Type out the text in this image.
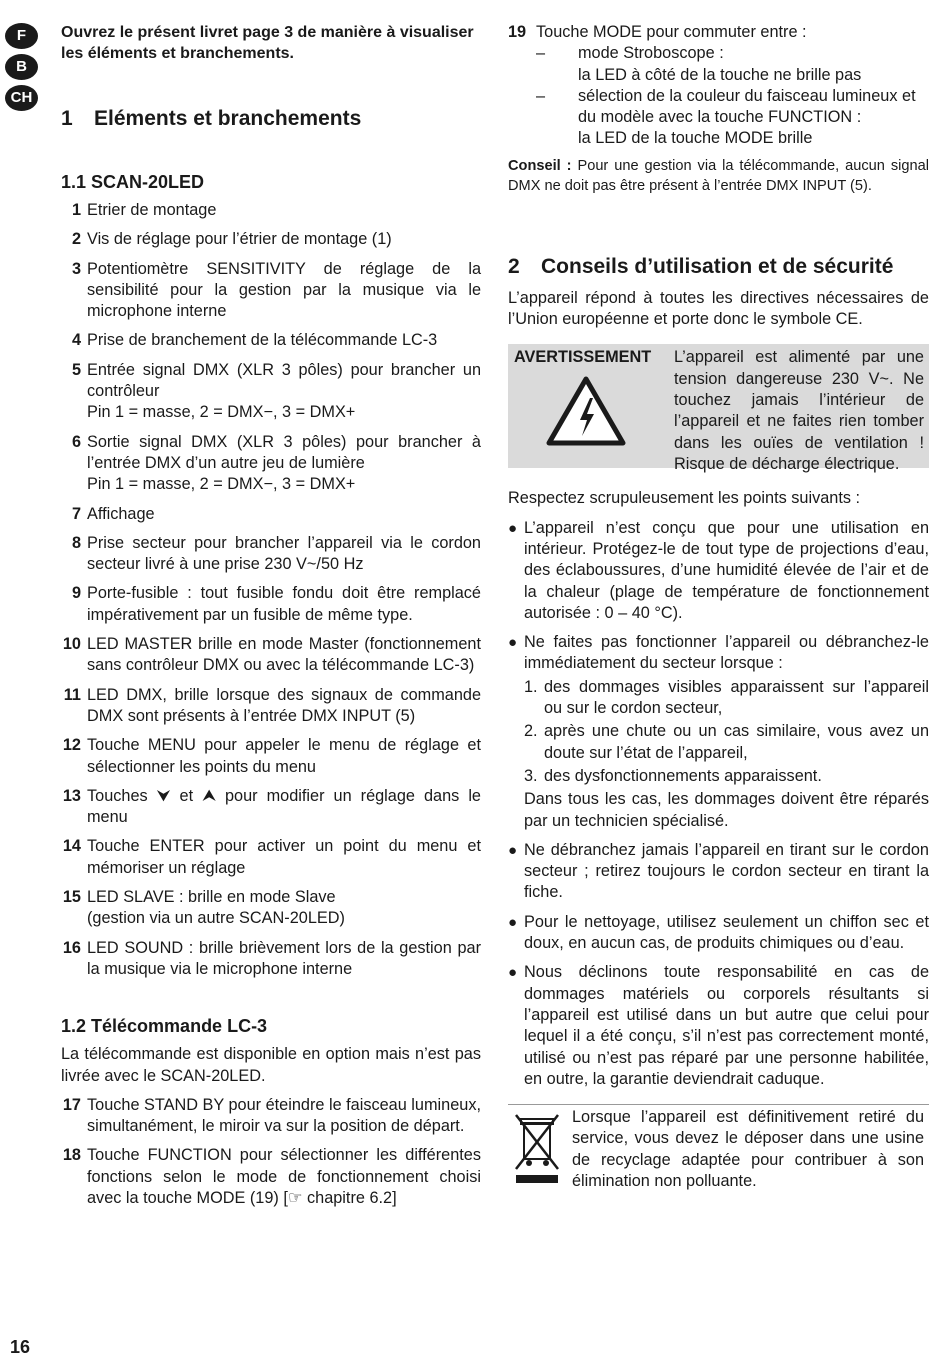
F
B
CH

Ouvrez le présent livret page 3 de manière à visualiser les éléments et branchements.

1 Eléments et branchements
1.1 SCAN-20LED
1 Etrier de montage
2 Vis de réglage pour l’étrier de montage (1)
3 Potentiomètre SENSITIVITY de réglage de la sensibilité pour la gestion par la musique via le microphone interne
4 Prise de branchement de la télécommande LC-3
5 Entrée signal DMX (XLR 3 pôles) pour brancher un contrôleur
Pin 1 = masse, 2 = DMX−, 3 = DMX+
6 Sortie signal DMX (XLR 3 pôles) pour brancher à l’entrée DMX d’un autre jeu de lumière
Pin 1 = masse, 2 = DMX−, 3 = DMX+
7 Affichage
8 Prise secteur pour brancher l’appareil via le cordon secteur livré à une prise 230 V~/50 Hz
9 Porte-fusible : tout fusible fondu doit être remplacé impérativement par un fusible de même type.
10 LED MASTER brille en mode Master (fonctionnement sans contrôleur DMX ou avec la télécommande LC-3)
11 LED DMX, brille lorsque des signaux de commande DMX sont présents à l’entrée DMX INPUT (5)
12 Touche MENU pour appeler le menu de réglage et sélectionner les points du menu
13 Touches ⮟ et ⮝ pour modifier un réglage dans le menu
14 Touche ENTER pour activer un point du menu et mémoriser un réglage
15 LED SLAVE : brille en mode Slave
(gestion via un autre SCAN-20LED)
16 LED SOUND : brille brièvement lors de la gestion par la musique via le microphone interne
1.2 Télécommande LC-3

La télécommande est disponible en option mais n’est pas livrée avec le SCAN-20LED.

17 Touche STAND BY pour éteindre le faisceau lumineux, simultanément, le miroir va sur la position de départ.
18 Touche FUNCTION pour sélectionner les différentes fonctions selon le mode de fonctionnement choisi avec la touche MODE (19) [☞ chapitre 6.2]
19 Touche MODE pour commuter entre :
–	mode Stroboscope :
la LED à côté de la touche ne brille pas
–	sélection de la couleur du faisceau lumineux et du modèle avec la touche FUNCTION :
la LED de la touche MODE brille

Conseil : Pour une gestion via la télécommande, aucun signal DMX ne doit pas être présent à l’entrée DMX INPUT (5).

2 Conseils d’utilisation et de sécurité

L’appareil répond à toutes les directives nécessaires de l’Union européenne et porte donc le symbole CE.

AVERTISSEMENT L’appareil est alimenté par une tension dangereuse 230 V~. Ne touchez jamais l’intérieur de l’appareil et ne faites rien tomber dans les ouïes de ventilation ! Risque de décharge électrique.

Respectez scrupuleusement les points suivants :

● L’appareil n’est conçu que pour une utilisation en intérieur. Protégez-le de tout type de projections d’eau, des éclaboussures, d’une humidité élevée de l’air et de la chaleur (plage de température de fonctionnement autorisée : 0 – 40 °C).
● Ne faites pas fonctionner l’appareil ou débranchez-le immédiatement du secteur lorsque :
1. des dommages visibles apparaissent sur l’appareil ou sur le cordon secteur,
2. après une chute ou un cas similaire, vous avez un doute sur l’état de l’appareil,
3. des dysfonctionnements apparaissent.
Dans tous les cas, les dommages doivent être réparés par un technicien spécialisé.
● Ne débranchez jamais l’appareil en tirant sur le cordon secteur ; retirez toujours le cordon secteur en tirant la fiche.
● Pour le nettoyage, utilisez seulement un chiffon sec et doux, en aucun cas, de produits chimiques ou d’eau.
● Nous déclinons toute responsabilité en cas de dommages matériels ou corporels résultants si l’appareil est utilisé dans un but autre que celui pour lequel il a été conçu, s’il n’est pas correctement monté, utilisé ou n’est pas réparé par une personne habilitée, en outre, la garantie deviendrait caduque.
Lorsque l’appareil est définitivement retiré du service, vous devez le déposer dans une usine de recyclage adaptée pour contribuer à son élimination non polluante.
16
